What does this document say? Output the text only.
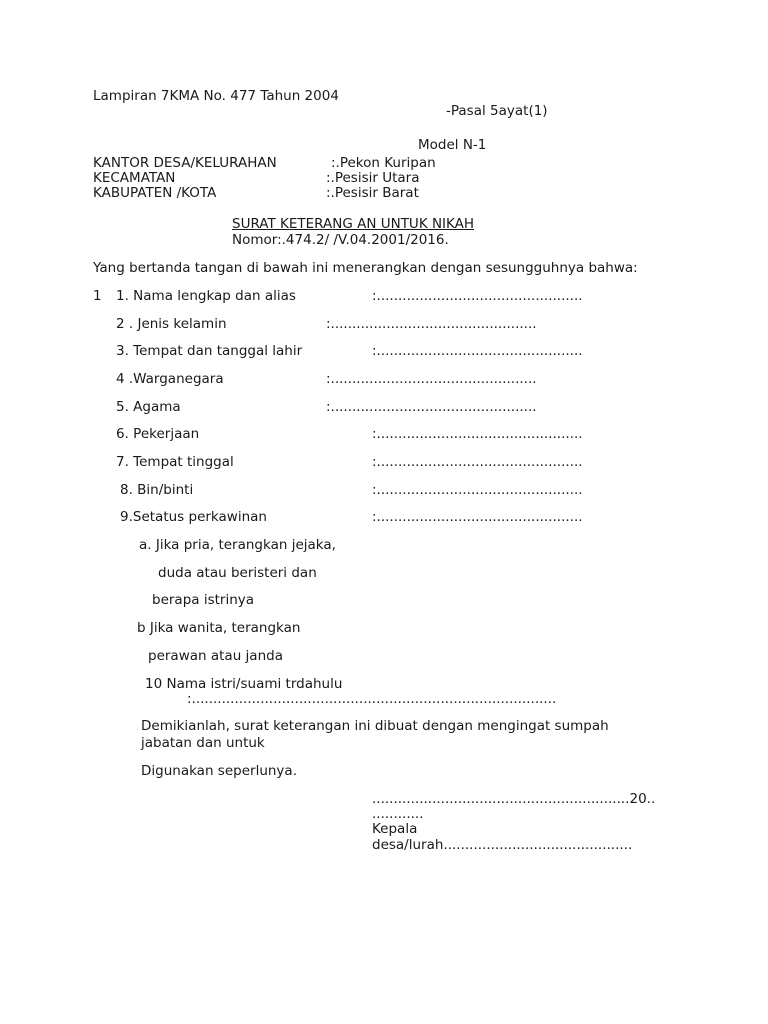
Lampiran 7KMA No. 477 Tahun 2004
-Pasal 5ayat(1)
Model N-1
KANTOR DESA/KELURAHAN	:.Pekon Kuripan
KECAMATAN	:.Pesisir Utara
KABUPATEN /KOTA	:.Pesisir Barat
SURAT KETERANG AN UNTUK NIKAH
Nomor:.474.2/ /V.04.2001/2016.
Yang bertanda tangan di bawah ini menerangkan dengan sesungguhnya bahwa:
1 1. Nama lengkap dan alias	:................................................
2 . Jenis kelamin	:................................................
3. Tempat dan tanggal lahir	:................................................
4 .Warganegara	:................................................
5. Agama	:................................................
6. Pekerjaan	:................................................
7. Tempat tinggal	:................................................
8. Bin/binti	:................................................
9.Setatus perkawinan	:................................................
a. Jika pria, terangkan jejaka,
duda atau beristeri dan
berapa istrinya
b Jika wanita, terangkan
perawan atau janda
10 Nama istri/suami trdahulu
:.....................................................................................
Demikianlah, surat keterangan ini dibuat dengan mengingat sumpah
jabatan dan untuk
Digunakan seperlunya.
............................................................20..
............
Kepala
desa/lurah............................................
